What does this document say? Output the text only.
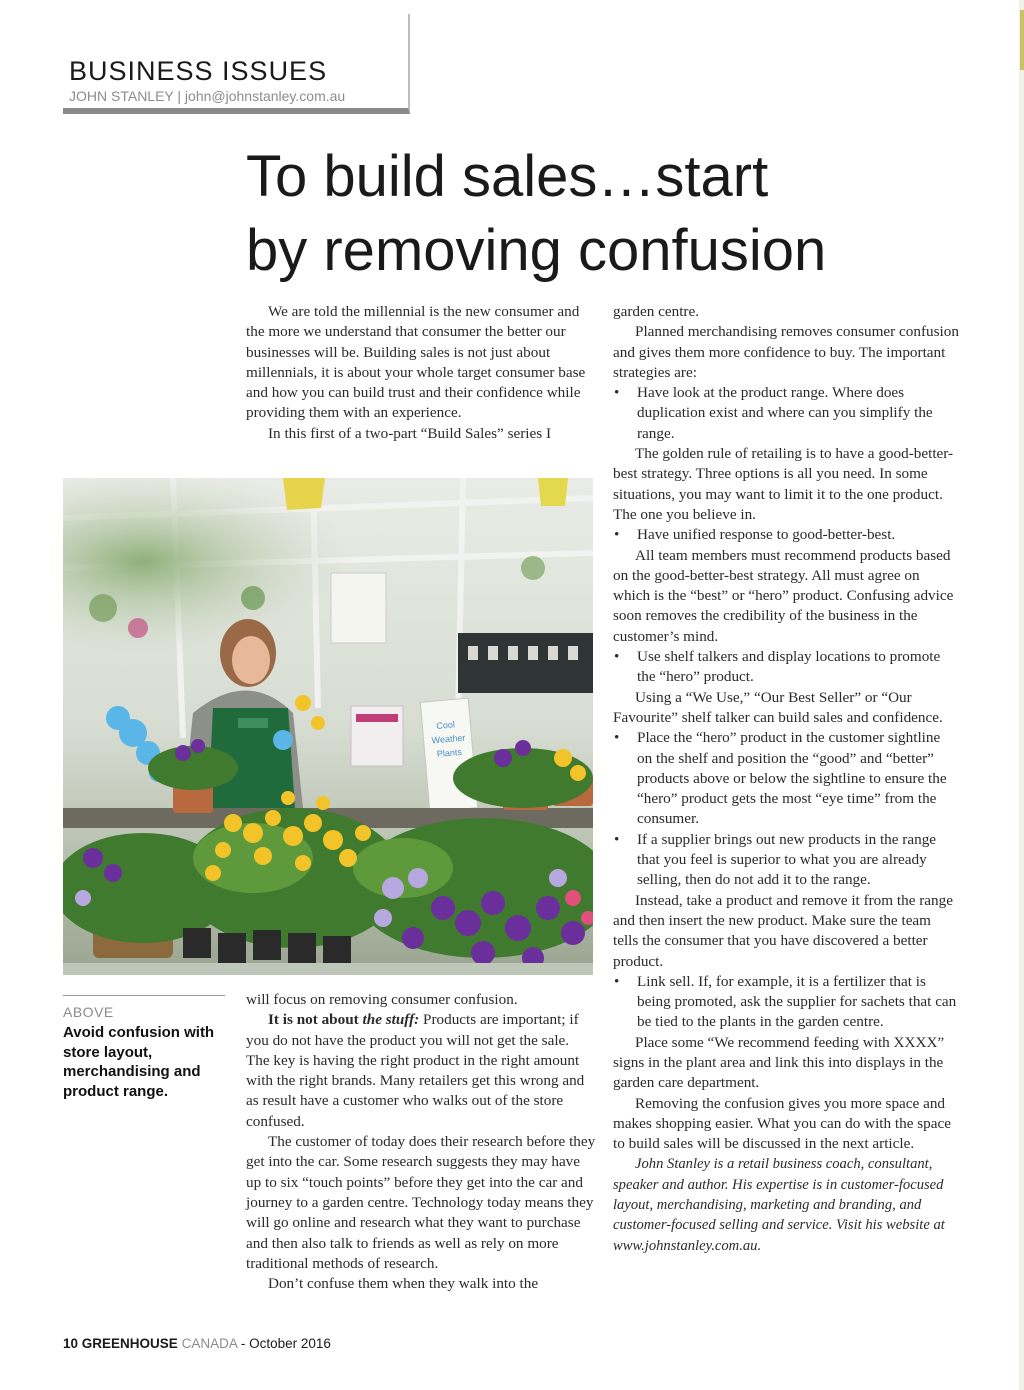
BUSINESS ISSUES
JOHN STANLEY | john@johnstanley.com.au
To build sales…start
by removing confusion

We are told the millennial is the new consumer and the more we understand that consumer the better our businesses will be. Building sales is not just about millennials, it is about your whole target consumer base and how you can build trust and their confidence while providing them with an experience.

In this first of a two-part “Build Sales” series I

CoolWeatherPlants
ABOVE
Avoid confusion with store layout, merchandising and product range.

will focus on removing consumer confusion.

It is not about the stuff: Products are important; if you do not have the product you will not get the sale. The key is having the right product in the right amount with the right brands. Many retailers get this wrong and as result have a customer who walks out of the store confused.

The customer of today does their research before they get into the car. Some research suggests they may have up to six “touch points” before they get into the car and journey to a garden centre. Technology today means they will go online and research what they want to purchase and then also talk to friends as well as rely on more traditional methods of research.

Don’t confuse them when they walk into the

garden centre.

Planned merchandising removes consumer confusion and gives them more confidence to buy. The important strategies are:

• Have look at the product range. Where does duplication exist and where can you simplify the range.

The golden rule of retailing is to have a good-better-best strategy. Three options is all you need. In some situations, you may want to limit it to the one product. The one you believe in.

• Have unified response to good-better-best.

All team members must recommend products based on the good-better-best strategy. All must agree on which is the “best” or “hero” product. Confusing advice soon removes the credibility of the business in the customer’s mind.

• Use shelf talkers and display locations to promote the “hero” product.

Using a “We Use,” “Our Best Seller” or “Our Favourite” shelf talker can build sales and confidence.

• Place the “hero” product in the customer sightline on the shelf and position the “good” and “better” products above or below the sightline to ensure the “hero” product gets the most “eye time” from the consumer.
• If a supplier brings out new products in the range that you feel is superior to what you are already selling, then do not add it to the range.

Instead, take a product and remove it from the range and then insert the new product. Make sure the team tells the consumer that you have discovered a better product.

• Link sell. If, for example, it is a fertilizer that is being promoted, ask the supplier for sachets that can be tied to the plants in the garden centre.

Place some “We recommend feeding with XXXX” signs in the plant area and link this into displays in the garden care department.

Removing the confusion gives you more space and makes shopping easier. What you can do with the space to build sales will be discussed in the next article.

John Stanley is a retail business coach, consultant, speaker and author. His expertise is in customer-focused layout, merchandising, marketing and branding, and customer-focused selling and service. Visit his website at www.johnstanley.com.au.

10 GREENHOUSE CANADA - October 2016
